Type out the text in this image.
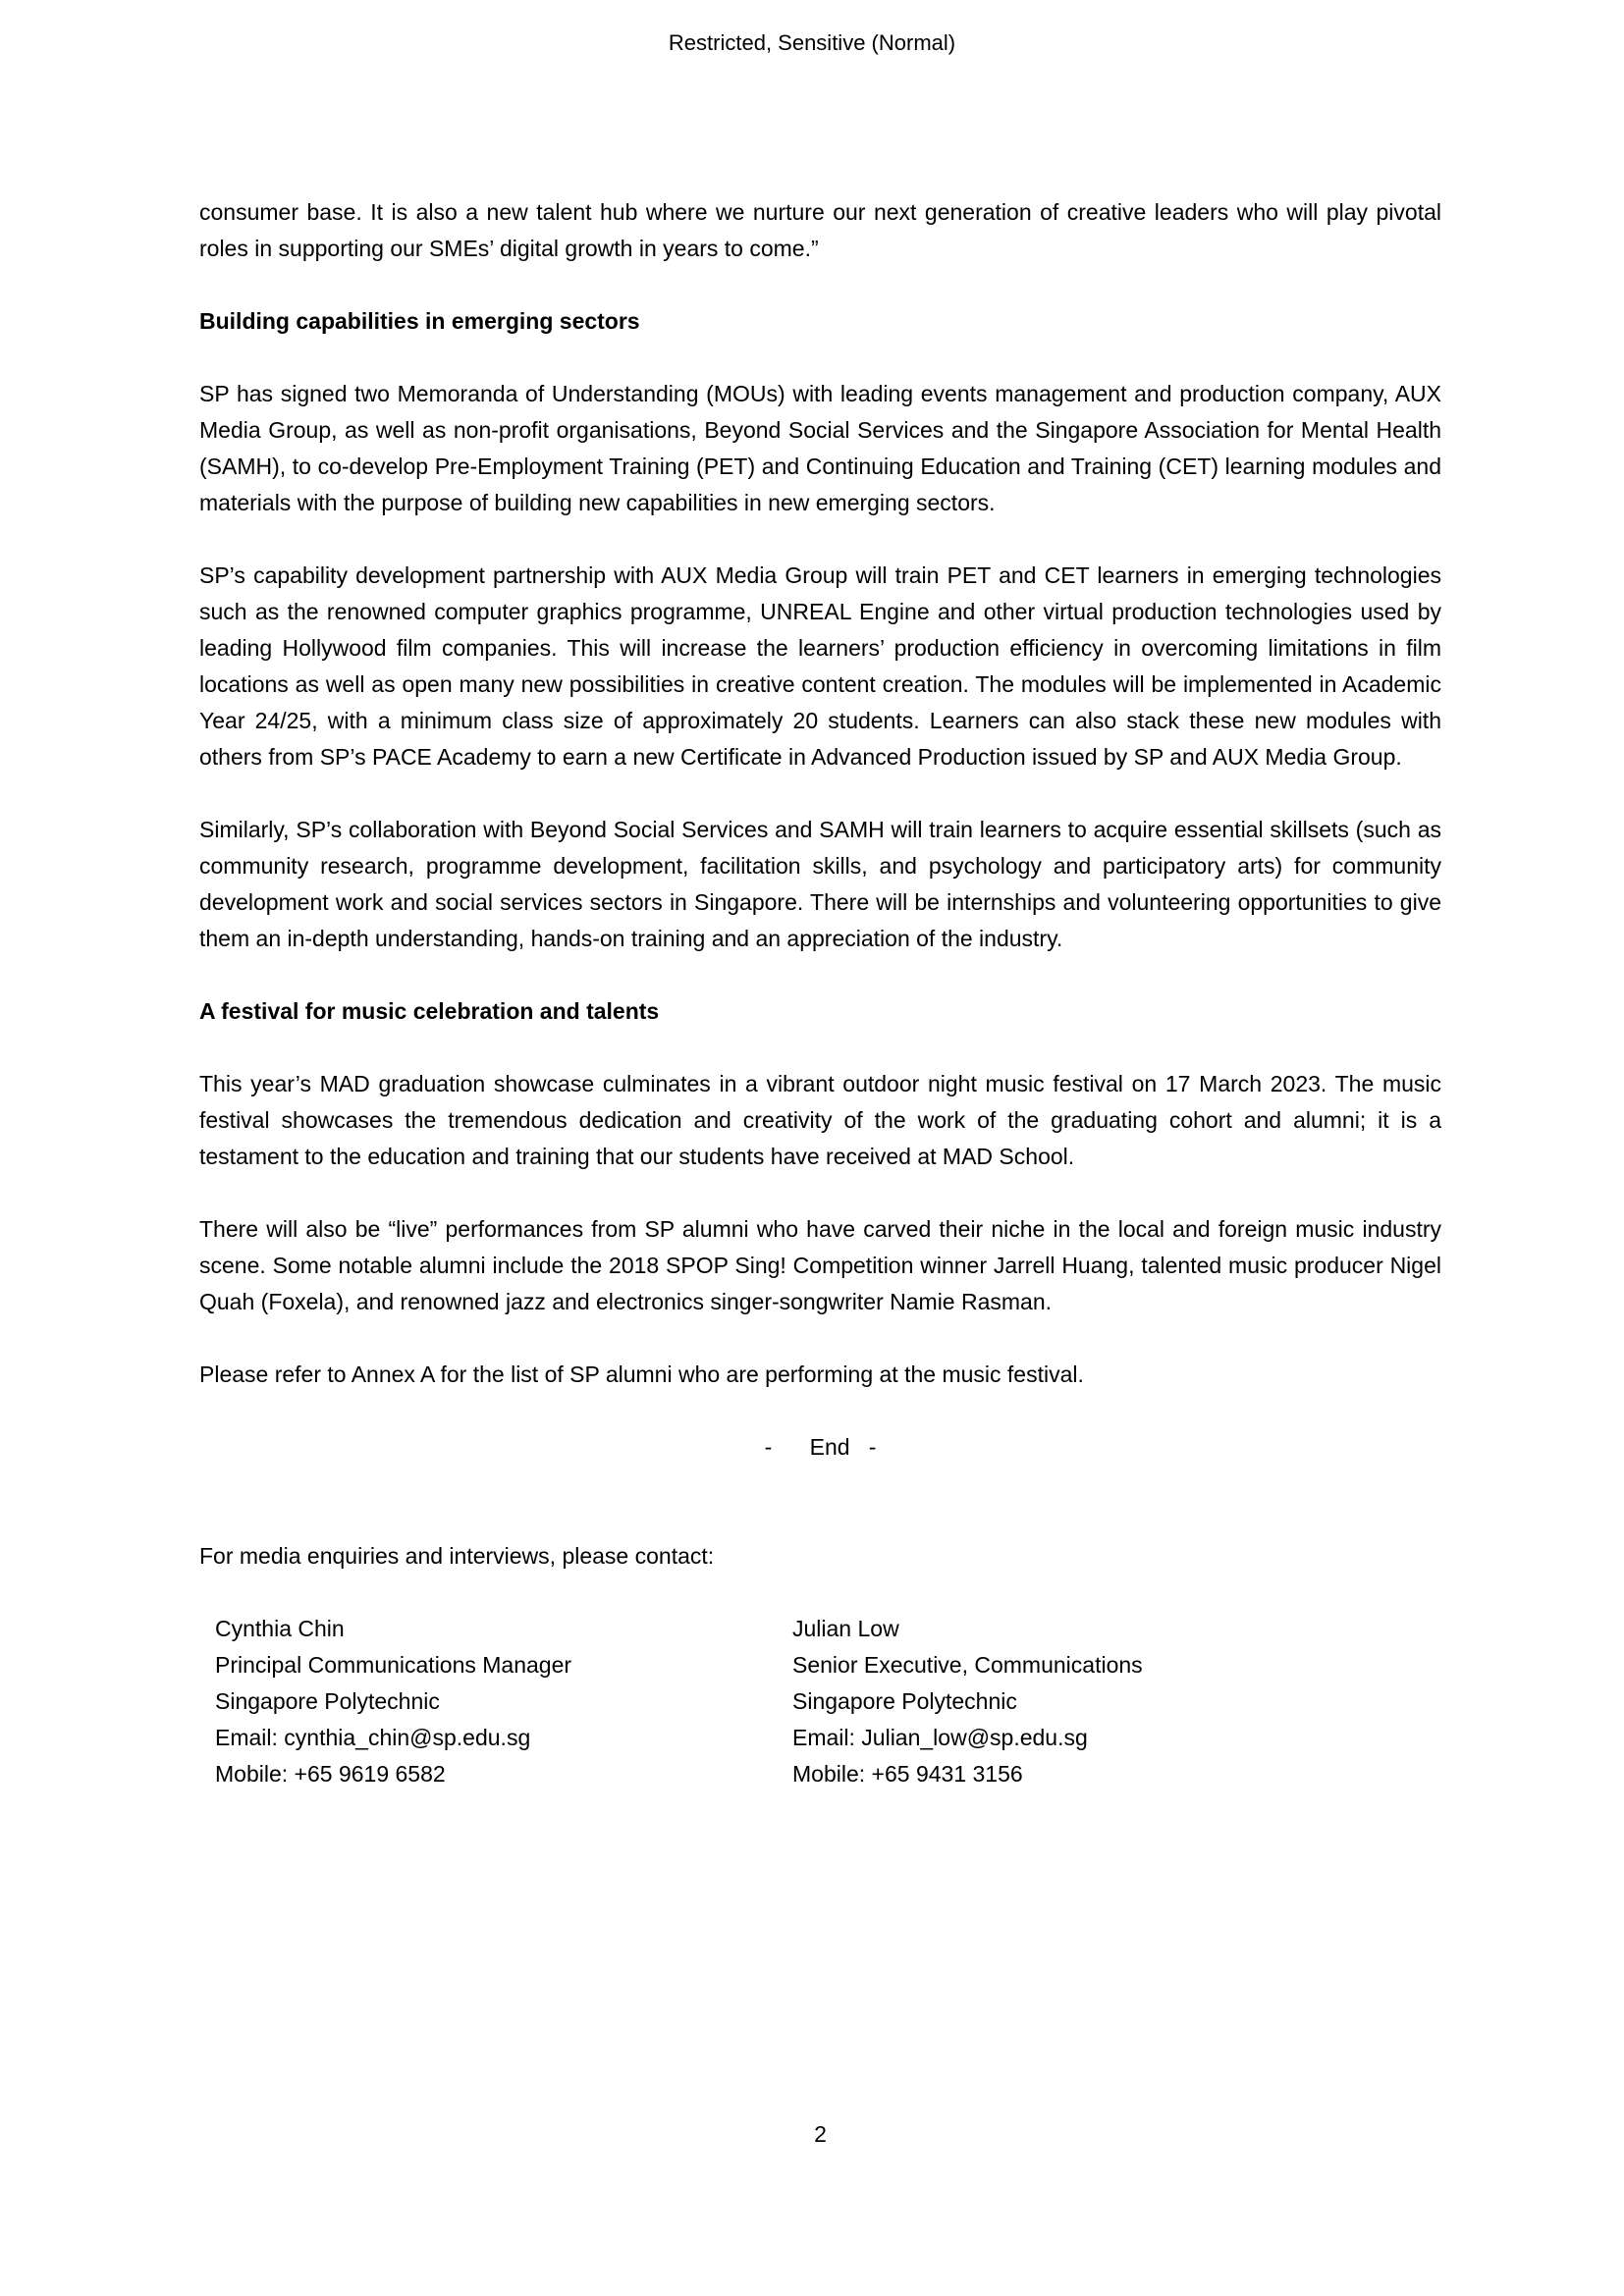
Restricted, Sensitive (Normal)

consumer base. It is also a new talent hub where we nurture our next generation of creative leaders who will play pivotal roles in supporting our SMEs’ digital growth in years to come.”

Building capabilities in emerging sectors

SP has signed two Memoranda of Understanding (MOUs) with leading events management and production company, AUX Media Group, as well as non-profit organisations, Beyond Social Services and the Singapore Association for Mental Health (SAMH), to co-develop Pre-Employment Training (PET) and Continuing Education and Training (CET) learning modules and materials with the purpose of building new capabilities in new emerging sectors.

SP’s capability development partnership with AUX Media Group will train PET and CET learners in emerging technologies such as the renowned computer graphics programme, UNREAL Engine and other virtual production technologies used by leading Hollywood film companies. This will increase the learners’ production efficiency in overcoming limitations in film locations as well as open many new possibilities in creative content creation. The modules will be implemented in Academic Year 24/25, with a minimum class size of approximately 20 students. Learners can also stack these new modules with others from SP’s PACE Academy to earn a new Certificate in Advanced Production issued by SP and AUX Media Group.

Similarly, SP’s collaboration with Beyond Social Services and SAMH will train learners to acquire essential skillsets (such as community research, programme development, facilitation skills, and psychology and participatory arts) for community development work and social services sectors in Singapore. There will be internships and volunteering opportunities to give them an in-depth understanding, hands-on training and an appreciation of the industry.

A festival for music celebration and talents

This year’s MAD graduation showcase culminates in a vibrant outdoor night music festival on 17 March 2023. The music festival showcases the tremendous dedication and creativity of the work of the graduating cohort and alumni; it is a testament to the education and training that our students have received at MAD School.

There will also be “live” performances from SP alumni who have carved their niche in the local and foreign music industry scene. Some notable alumni include the 2018 SPOP Sing! Competition winner Jarrell Huang, talented music producer Nigel Quah (Foxela), and renowned jazz and electronics singer-songwriter Namie Rasman.

Please refer to Annex A for the list of SP alumni who are performing at the music festival.

-      End   -

For media enquiries and interviews, please contact:

Cynthia Chin
Principal Communications Manager
Singapore Polytechnic
Email: cynthia_chin@sp.edu.sg
Mobile: +65 9619 6582
Julian Low
Senior Executive, Communications
Singapore Polytechnic
Email: Julian_low@sp.edu.sg
Mobile: +65 9431 3156
2
